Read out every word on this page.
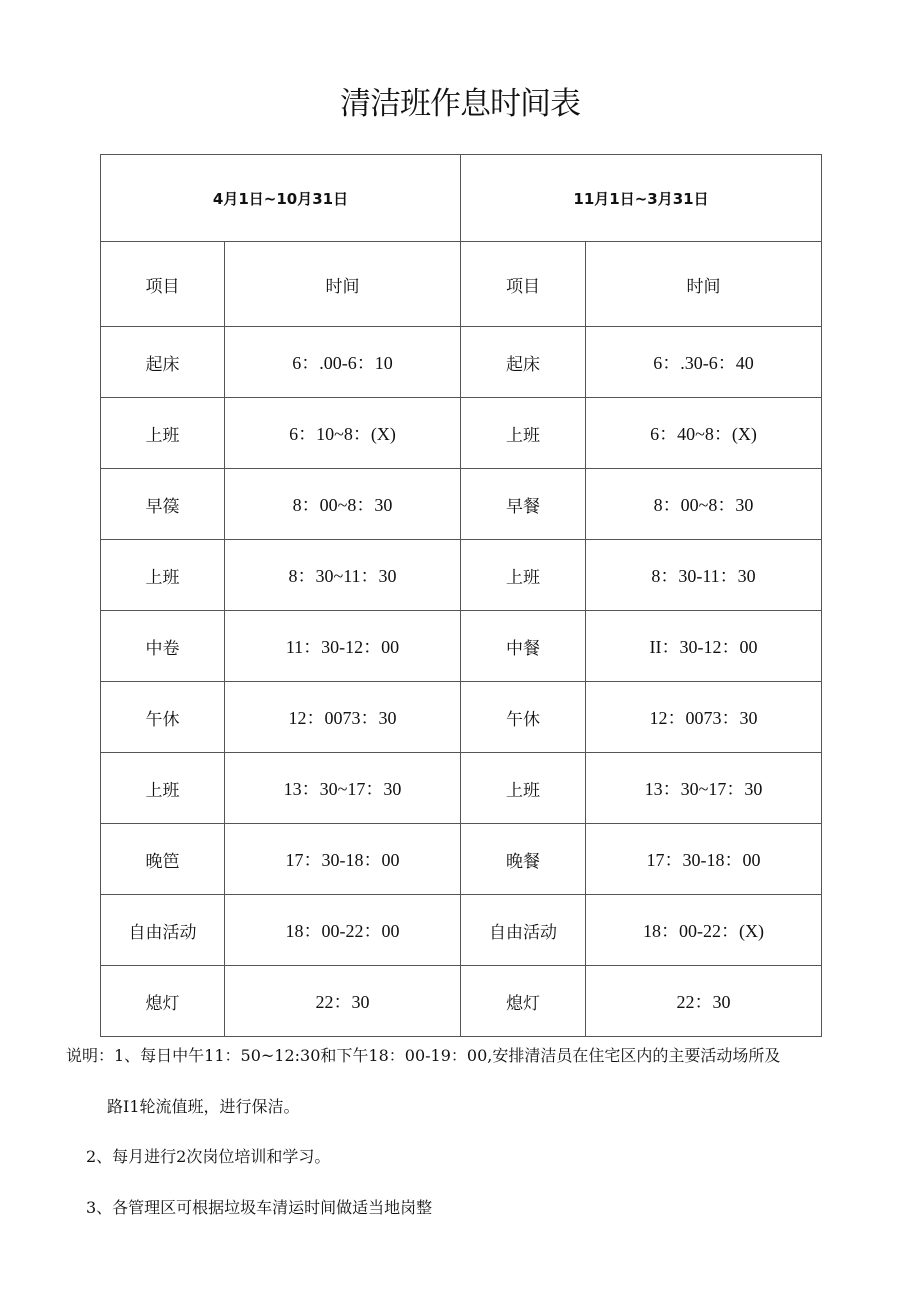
清洁班作息时间表
4月1日~10月31日		11月1日~3月31日	
项目	时间	项目	时间
起床	6：.00-6：10	起床	6：.30-6：40
上班	6：10~8：(X)	上班	6：40~8：(X)
早篌	8：00~8：30	早餐	8：00~8：30
上班	8：30~11：30	上班	8：30-11：30
中卷	11：30-12：00	中餐	II：30-12：00
午休	12：0073：30	午休	12：0073：30
上班	13：30~17：30	上班	13：30~17：30
晚笆	17：30-18：00	晚餐	17：30-18：00
自由活动	18：00-22：00	自由活动	18：00-22：(X)
熄灯	22：30	熄灯	22：30
说明：1、每日中午11：50~12:30和下午18：00-19：00,安排清洁员在住宅区内的主要活动场所及
路I1轮流值班，进行保洁。
2、每月进行2次岗位培训和学习。
3、各管理区可根据垃圾车清运时间做适当地岗整
